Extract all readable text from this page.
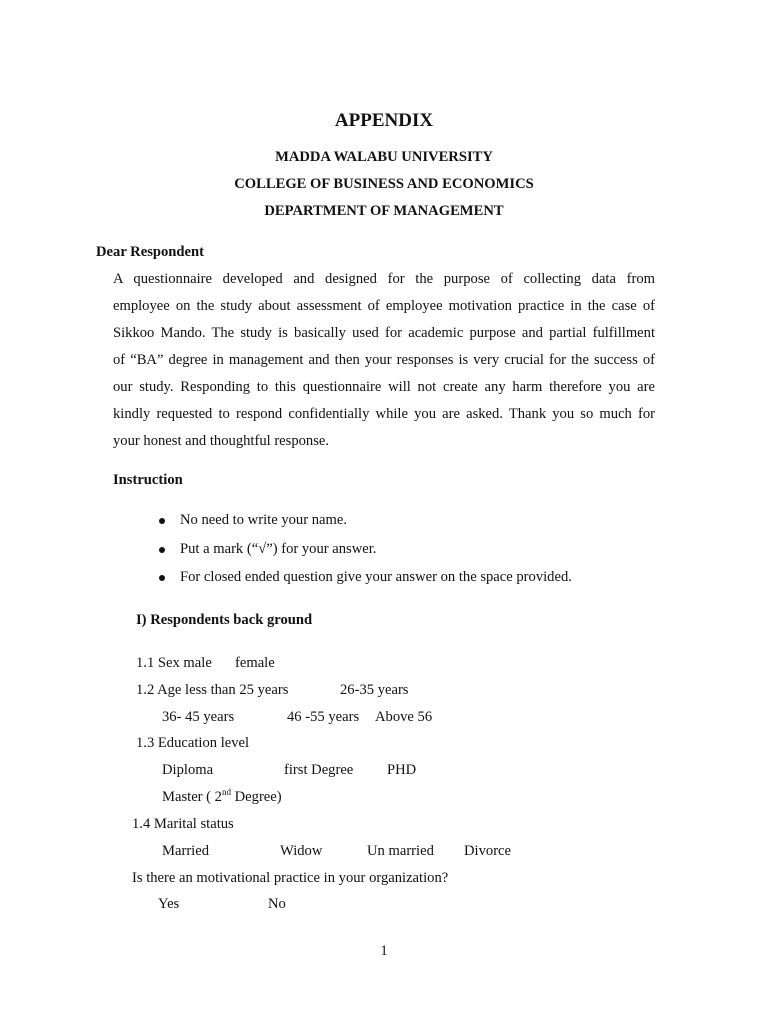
APPENDIX
MADDA WALABU UNIVERSITY
COLLEGE OF BUSINESS AND ECONOMICS
DEPARTMENT OF MANAGEMENT
Dear Respondent
A questionnaire developed and designed for the purpose of collecting data from
employee on the study about assessment of employee motivation practice in the case of
Sikkoo Mando. The study is basically used for academic purpose and partial fulfillment
of “BA” degree in management and then your responses is very crucial for the success of
our study. Responding to this questionnaire will not create any harm therefore you are
kindly requested to respond confidentially while you are asked. Thank you so much for
your honest and thoughtful response.
Instruction
No need to write your name.
Put a mark (“√”) for your answer.
For closed ended question give your answer on the space provided.
I) Respondents back ground
1.1 Sex male female
1.2 Age less than 25 years	26-35 years
36- 45 years	46 -55 years Above 56
1.3 Education level
Diploma	first Degree PHD
Master ( 2nd Degree)
1.4 Marital status
Married	Widow	Un married Divorce
Is there an motivational practice in your organization?
Yes	No
1
